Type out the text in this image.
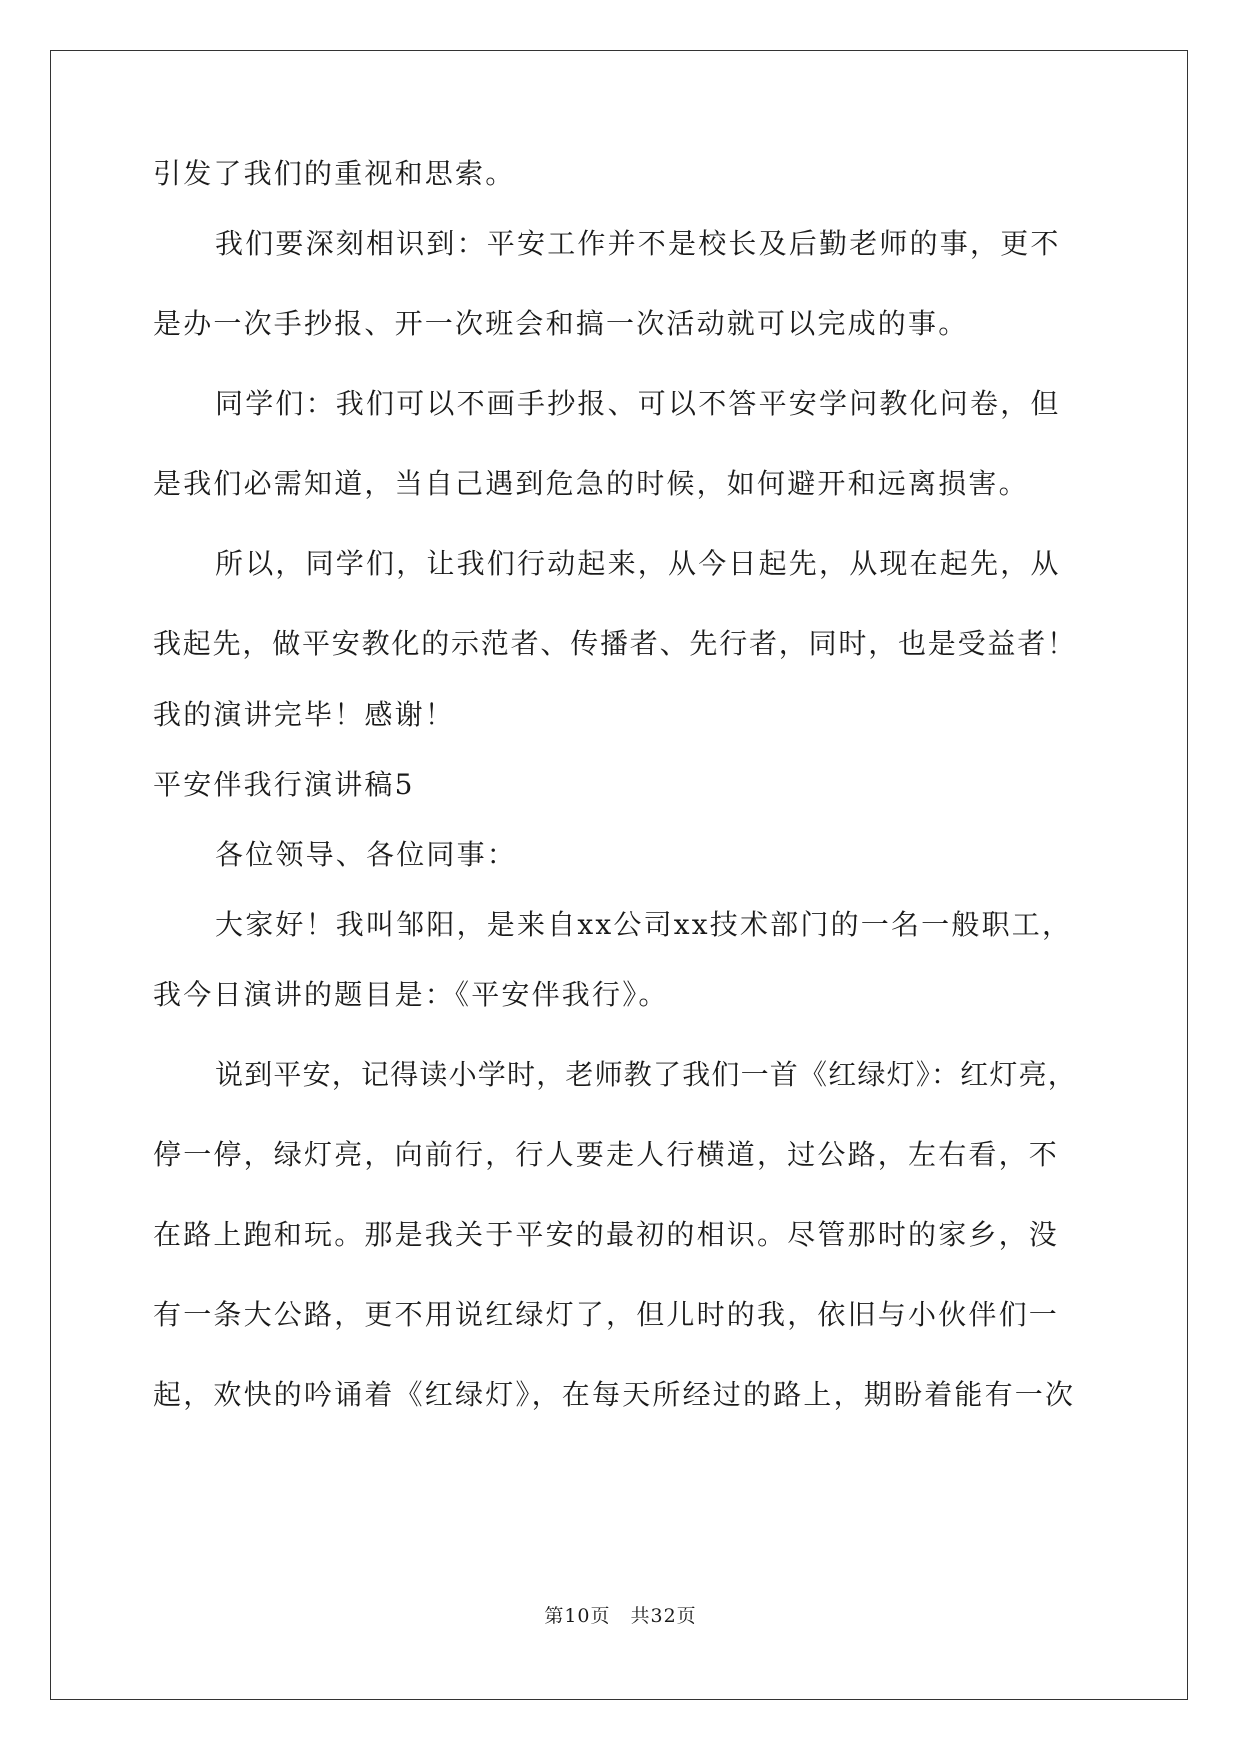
引发了我们的重视和思索。
我们要深刻相识到：平安工作并不是校长及后勤老师的事，更不
是办一次手抄报、开一次班会和搞一次活动就可以完成的事。
同学们：我们可以不画手抄报、可以不答平安学问教化问卷，但
是我们必需知道，当自己遇到危急的时候，如何避开和远离损害。
所以，同学们，让我们行动起来，从今日起先，从现在起先，从
我起先，做平安教化的示范者、传播者、先行者，同时，也是受益者！
我的演讲完毕！感谢！
平安伴我行演讲稿5
各位领导、各位同事：
大家好！我叫邹阳，是来自xx公司xx技术部门的一名一般职工，
我今日演讲的题目是：《平安伴我行》。
说到平安，记得读小学时，老师教了我们一首《红绿灯》：红灯亮，
停一停，绿灯亮，向前行，行人要走人行横道，过公路，左右看，不
在路上跑和玩。那是我关于平安的最初的相识。尽管那时的家乡，没
有一条大公路，更不用说红绿灯了，但儿时的我，依旧与小伙伴们一
起，欢快的吟诵着《红绿灯》，在每天所经过的路上，期盼着能有一次
第10页　共32页
